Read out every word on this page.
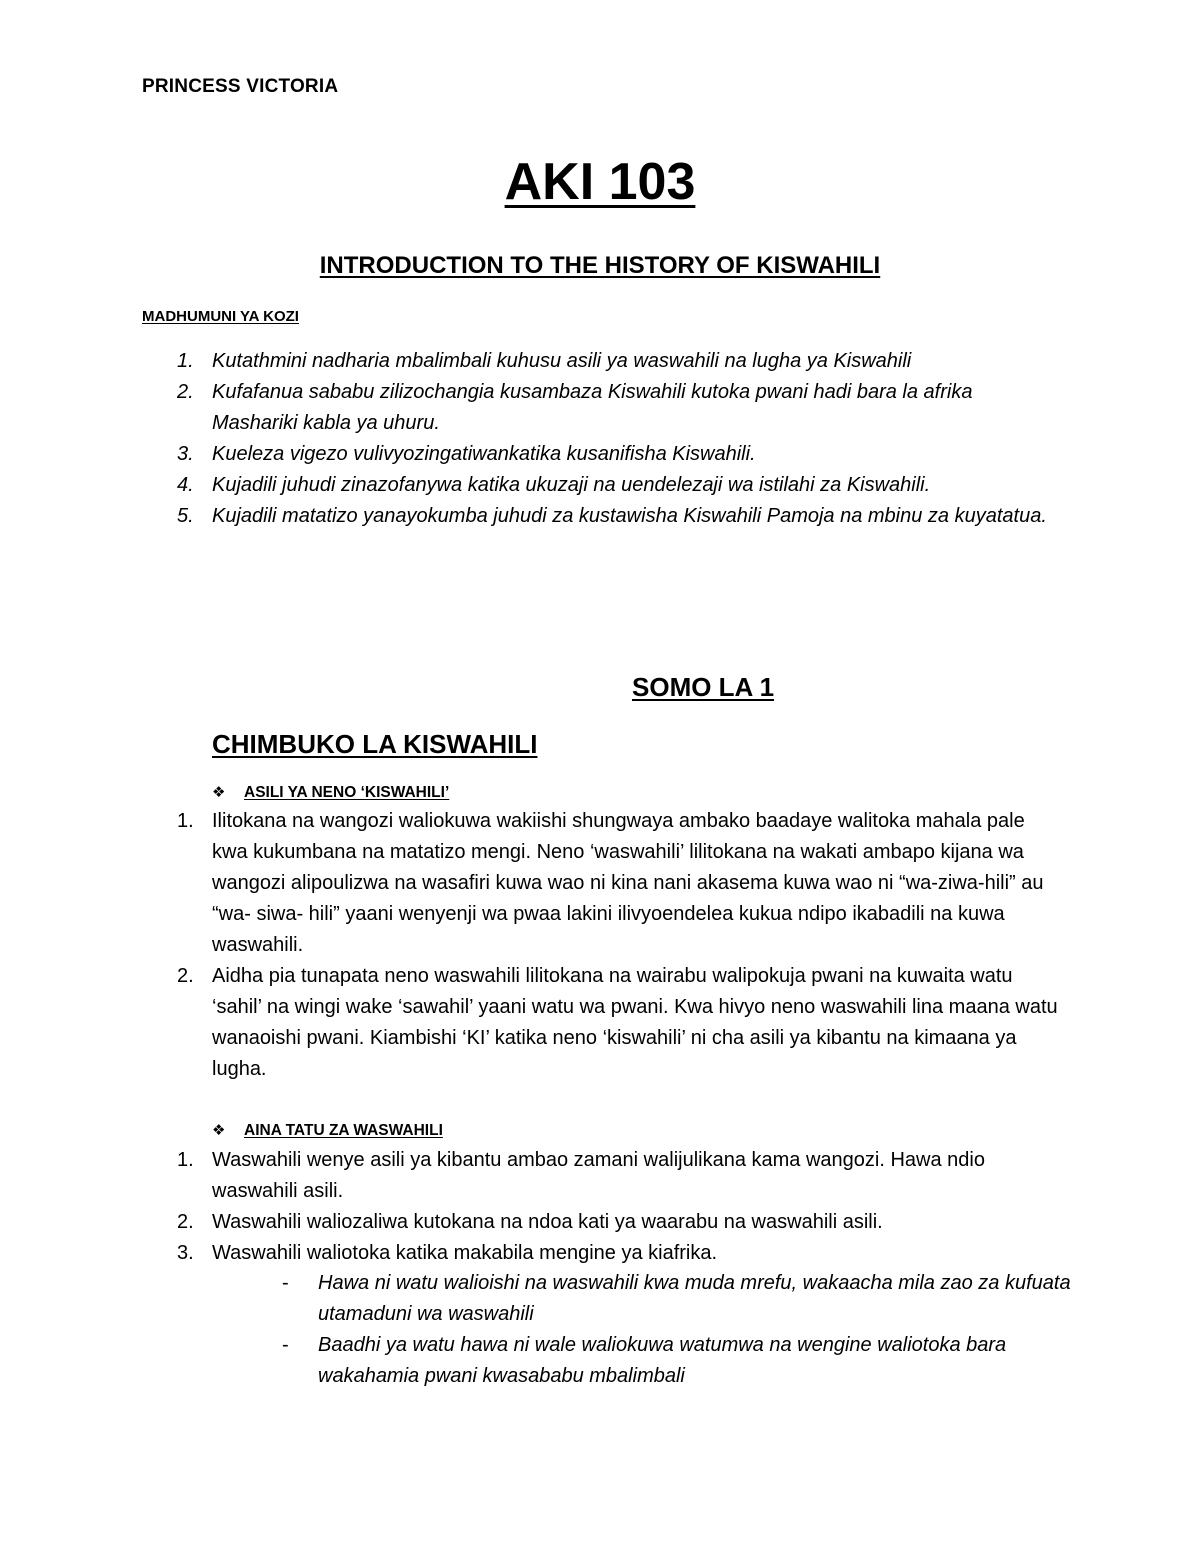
PRINCESS VICTORIA
AKI 103
INTRODUCTION TO THE HISTORY OF KISWAHILI
MADHUMUNI YA KOZI
1. Kutathmini nadharia mbalimbali kuhusu asili ya waswahili na lugha ya Kiswahili
2. Kufafanua sababu zilizochangia kusambaza Kiswahili kutoka pwani hadi bara la afrika Mashariki kabla ya uhuru.
3. Kueleza vigezo vulivyozingatiwankatika kusanifisha Kiswahili.
4. Kujadili juhudi zinazofanywa katika ukuzaji na uendelezaji wa istilahi za Kiswahili.
5. Kujadili matatizo yanayokumba juhudi za kustawisha Kiswahili Pamoja na mbinu za kuyatatua.
SOMO LA 1
CHIMBUKO LA KISWAHILI
❖ ASILI YA NENO ‘KISWAHILI’
1. Ilitokana na wangozi waliokuwa wakiishi shungwaya ambako baadaye walitoka mahala pale kwa kukumbana na matatizo mengi. Neno ‘waswahili’ lilitokana na wakati ambapo kijana wa wangozi alipoulizwa na wasafiri kuwa wao ni kina nani akasema kuwa wao ni “wa-ziwa-hili” au “wa- siwa- hili” yaani wenyenji wa pwaa lakini ilivyoendelea kukua ndipo ikabadili na kuwa waswahili.
2. Aidha pia tunapata neno waswahili lilitokana na wairabu walipokuja pwani na kuwaita watu ‘sahil’ na wingi wake ‘sawahil’ yaani watu wa pwani. Kwa hivyo neno waswahili lina maana watu wanaoishi pwani. Kiambishi ‘KI’ katika neno ‘kiswahili’ ni cha asili ya kibantu na kimaana ya lugha.
❖ AINA TATU ZA WASWAHILI
1. Waswahili wenye asili ya kibantu ambao zamani walijulikana kama wangozi. Hawa ndio waswahili asili.
2. Waswahili waliozaliwa kutokana na ndoa kati ya waarabu na waswahili asili.
3. Waswahili waliotoka katika makabila mengine ya kiafrika.
- Hawa ni watu walioishi na waswahili kwa muda mrefu, wakaacha mila zao za kufuata utamaduni wa waswahili
- Baadhi ya watu hawa ni wale waliokuwa watumwa na wengine waliotoka bara wakahamia pwani kwasababu mbalimbali
